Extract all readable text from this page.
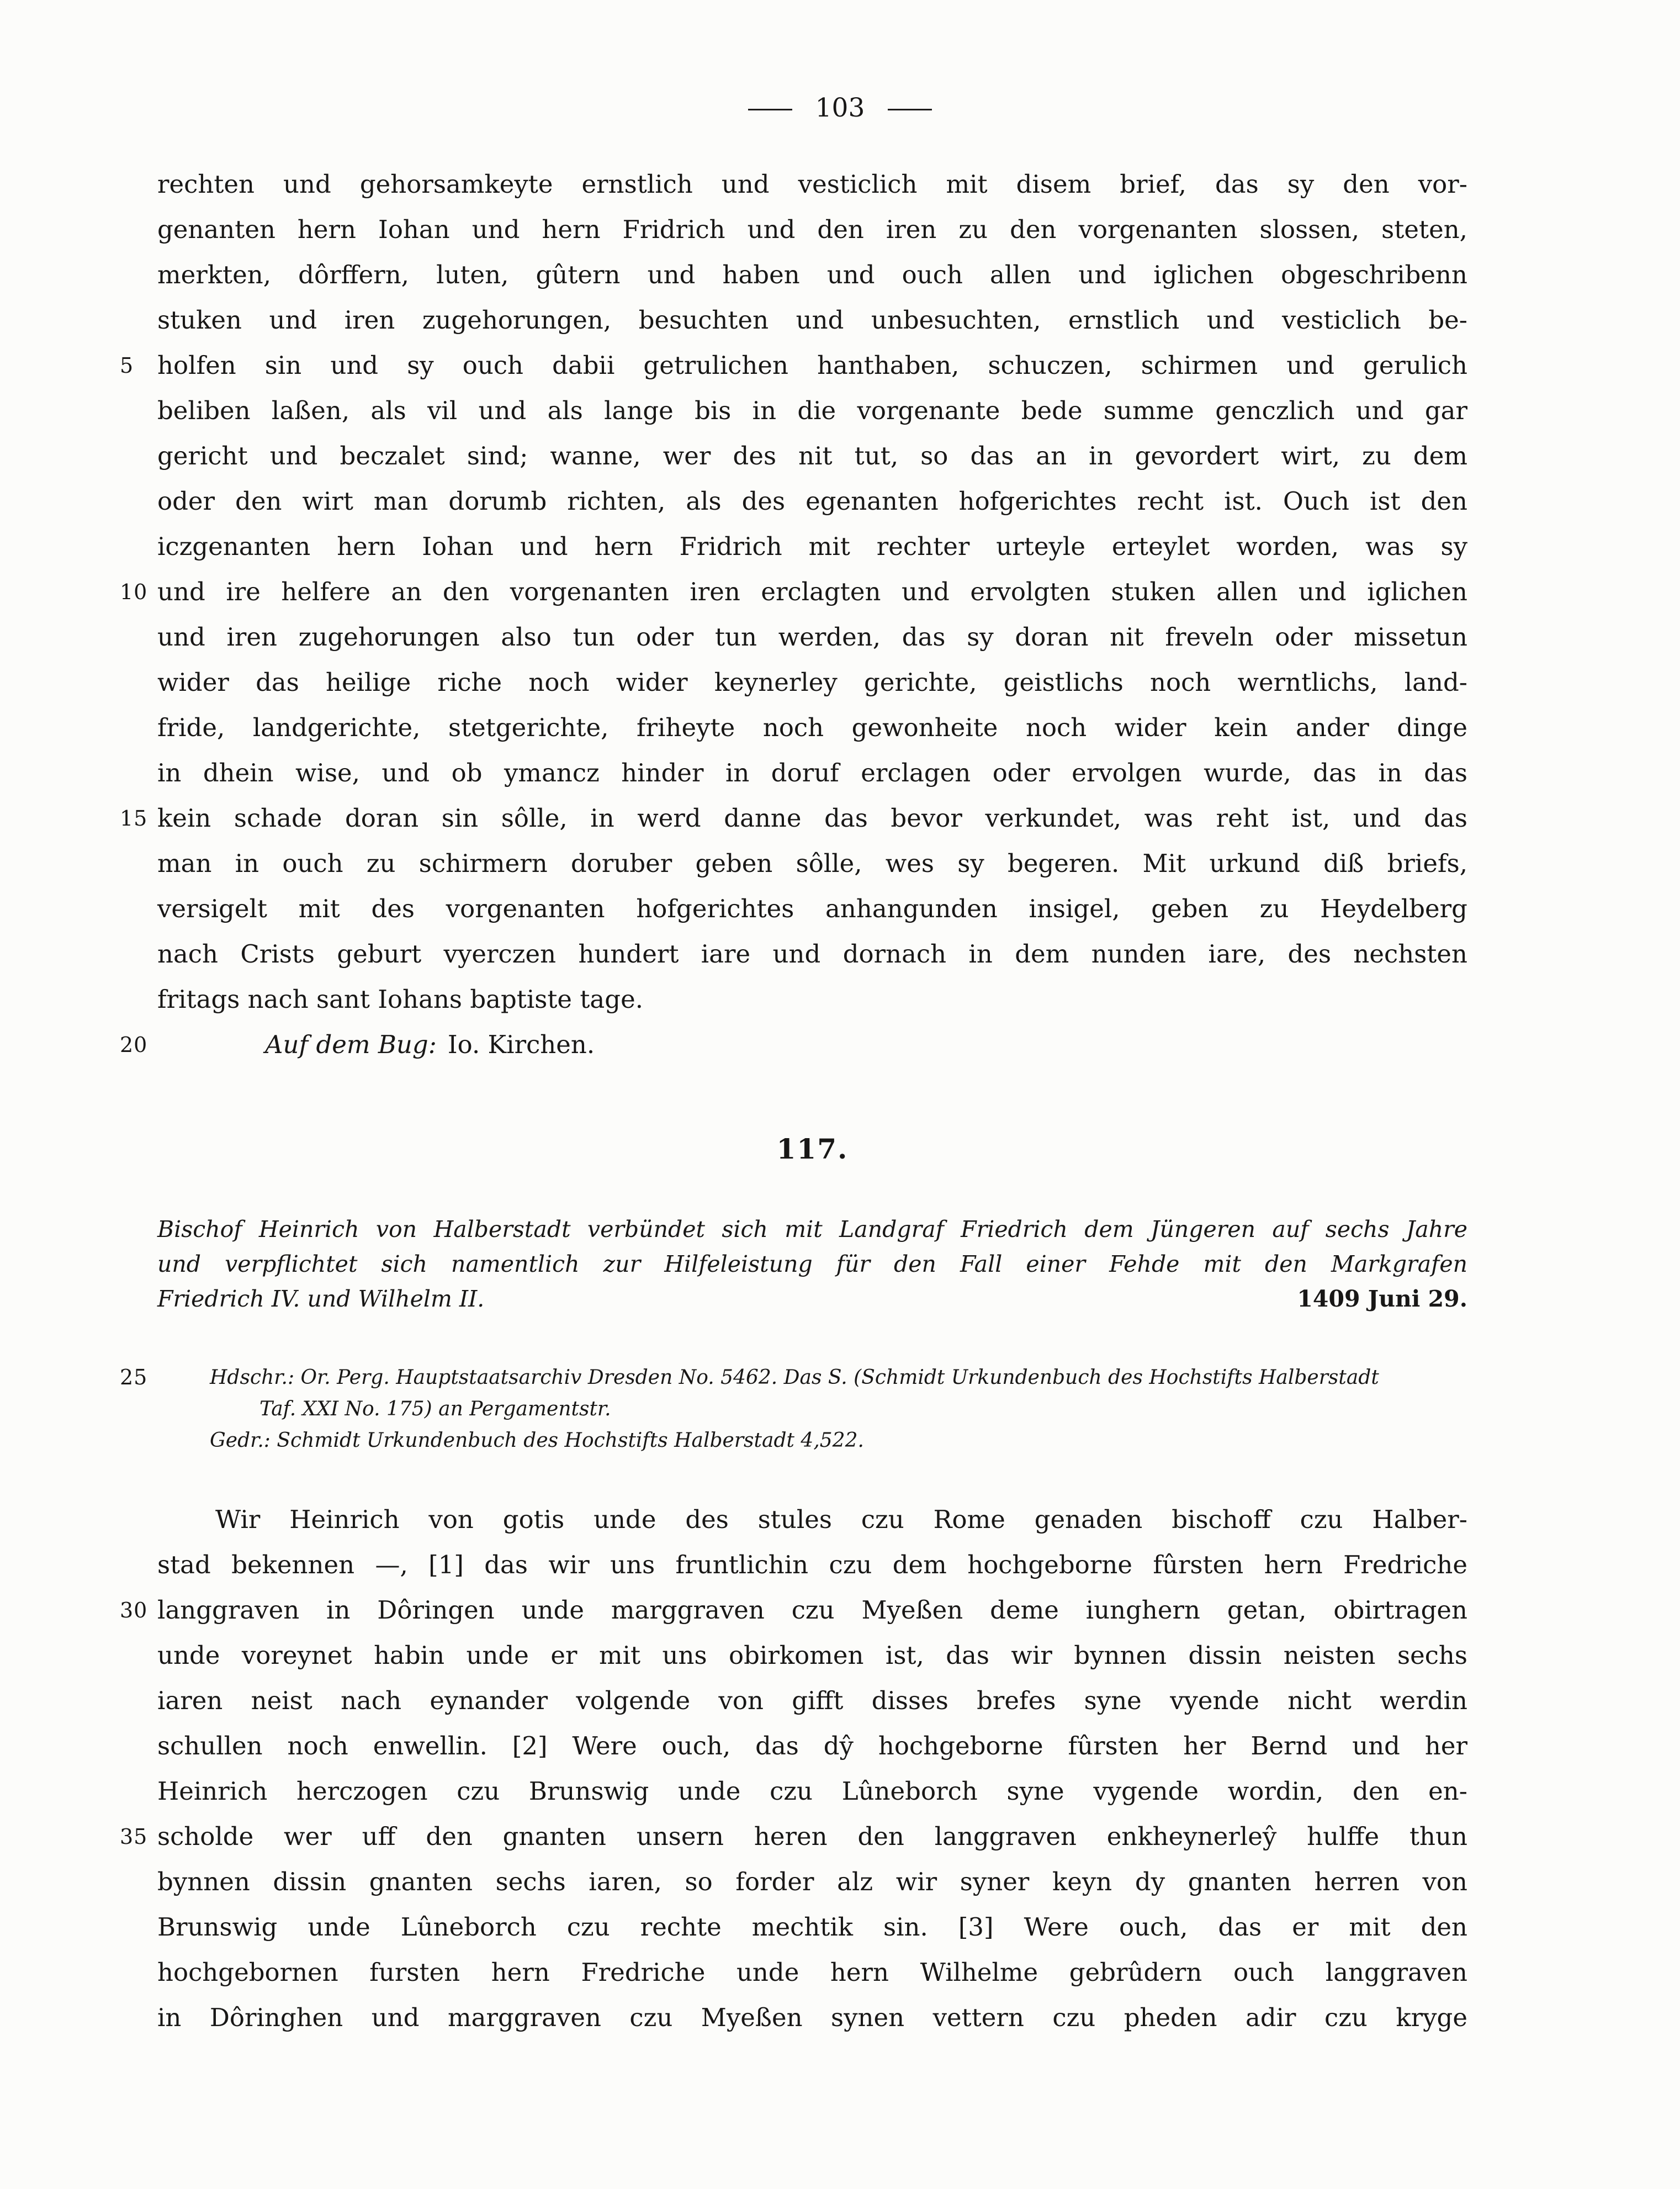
103
rechten und gehorsamkeyte ernstlich und vesticlich mit disem brief, das sy den vor-
genanten hern Iohan und hern Fridrich und den iren zu den vorgenanten slossen, steten,
merkten, dôrffern, luten, gûtern und haben und ouch allen und iglichen obgeschribenn
stuken und iren zugehorungen, besuchten und unbesuchten, ernstlich und vesticlich be-
5 holfen sin und sy ouch dabii getrulichen hanthaben, schuczen, schirmen und gerulich
beliben laßen, als vil und als lange bis in die vorgenante bede summe genczlich und gar
gericht und beczalet sind; wanne, wer des nit tut, so das an in gevordert wirt, zu dem
oder den wirt man dorumb richten, als des egenanten hofgerichtes recht ist. Ouch ist den
iczgenanten hern Iohan und hern Fridrich mit rechter urteyle erteylet worden, was sy
10 und ire helfere an den vorgenanten iren erclagten und ervolgten stuken allen und iglichen
und iren zugehorungen also tun oder tun werden, das sy doran nit freveln oder missetun
wider das heilige riche noch wider keynerley gerichte, geistlichs noch werntlichs, land-
fride, landgerichte, stetgerichte, friheyte noch gewonheite noch wider kein ander dinge
in dhein wise, und ob ymancz hinder in doruf erclagen oder ervolgen wurde, das in das
15 kein schade doran sin sôlle, in werd danne das bevor verkundet, was reht ist, und das
man in ouch zu schirmern doruber geben sôlle, wes sy begeren. Mit urkund diß briefs,
versigelt mit des vorgenanten hofgerichtes anhangunden insigel, geben zu Heydelberg
nach Crists geburt vyerczen hundert iare und dornach in dem nunden iare, des nechsten
fritags nach sant Iohans baptiste tage.
20	Auf dem Bug: Io. Kirchen.
117.
Bischof Heinrich von Halberstadt verbündet sich mit Landgraf Friedrich dem Jüngeren auf sechs Jahre
und verpflichtet sich namentlich zur Hilfeleistung für den Fall einer Fehde mit den Markgrafen
Friedrich IV. und Wilhelm II.	1409 Juni 29.
25	Hdschr.: Or. Perg. Hauptstaatsarchiv Dresden No. 5462. Das S. (Schmidt Urkundenbuch des Hochstifts Halberstadt
Taf. XXI No. 175) an Pergamentstr.
Gedr.: Schmidt Urkundenbuch des Hochstifts Halberstadt 4,522.
Wir Heinrich von gotis unde des stules czu Rome genaden bischoff czu Halber-
stad bekennen —, [1] das wir uns fruntlichin czu dem hochgeborne fûrsten hern Fredriche
30 langgraven in Dôringen unde marggraven czu Myeßen deme iunghern getan, obirtragen
unde voreynet habin unde er mit uns obirkomen ist, das wir bynnen dissin neisten sechs
iaren neist nach eynander volgende von gifft disses brefes syne vyende nicht werdin
schullen noch enwellin. [2] Were ouch, das dŷ hochgeborne fûrsten her Bernd und her
Heinrich herczogen czu Brunswig unde czu Lûneborch syne vygende wordin, den en-
35 scholde wer uff den gnanten unsern heren den langgraven enkheynerleŷ hulffe thun
bynnen dissin gnanten sechs iaren, so forder alz wir syner keyn dy gnanten herren von
Brunswig unde Lûneborch czu rechte mechtik sin. [3] Were ouch, das er mit den
hochgebornen fursten hern Fredriche unde hern Wilhelme gebrûdern ouch langgraven
in Dôringhen und marggraven czu Myeßen synen vettern czu pheden adir czu kryge
